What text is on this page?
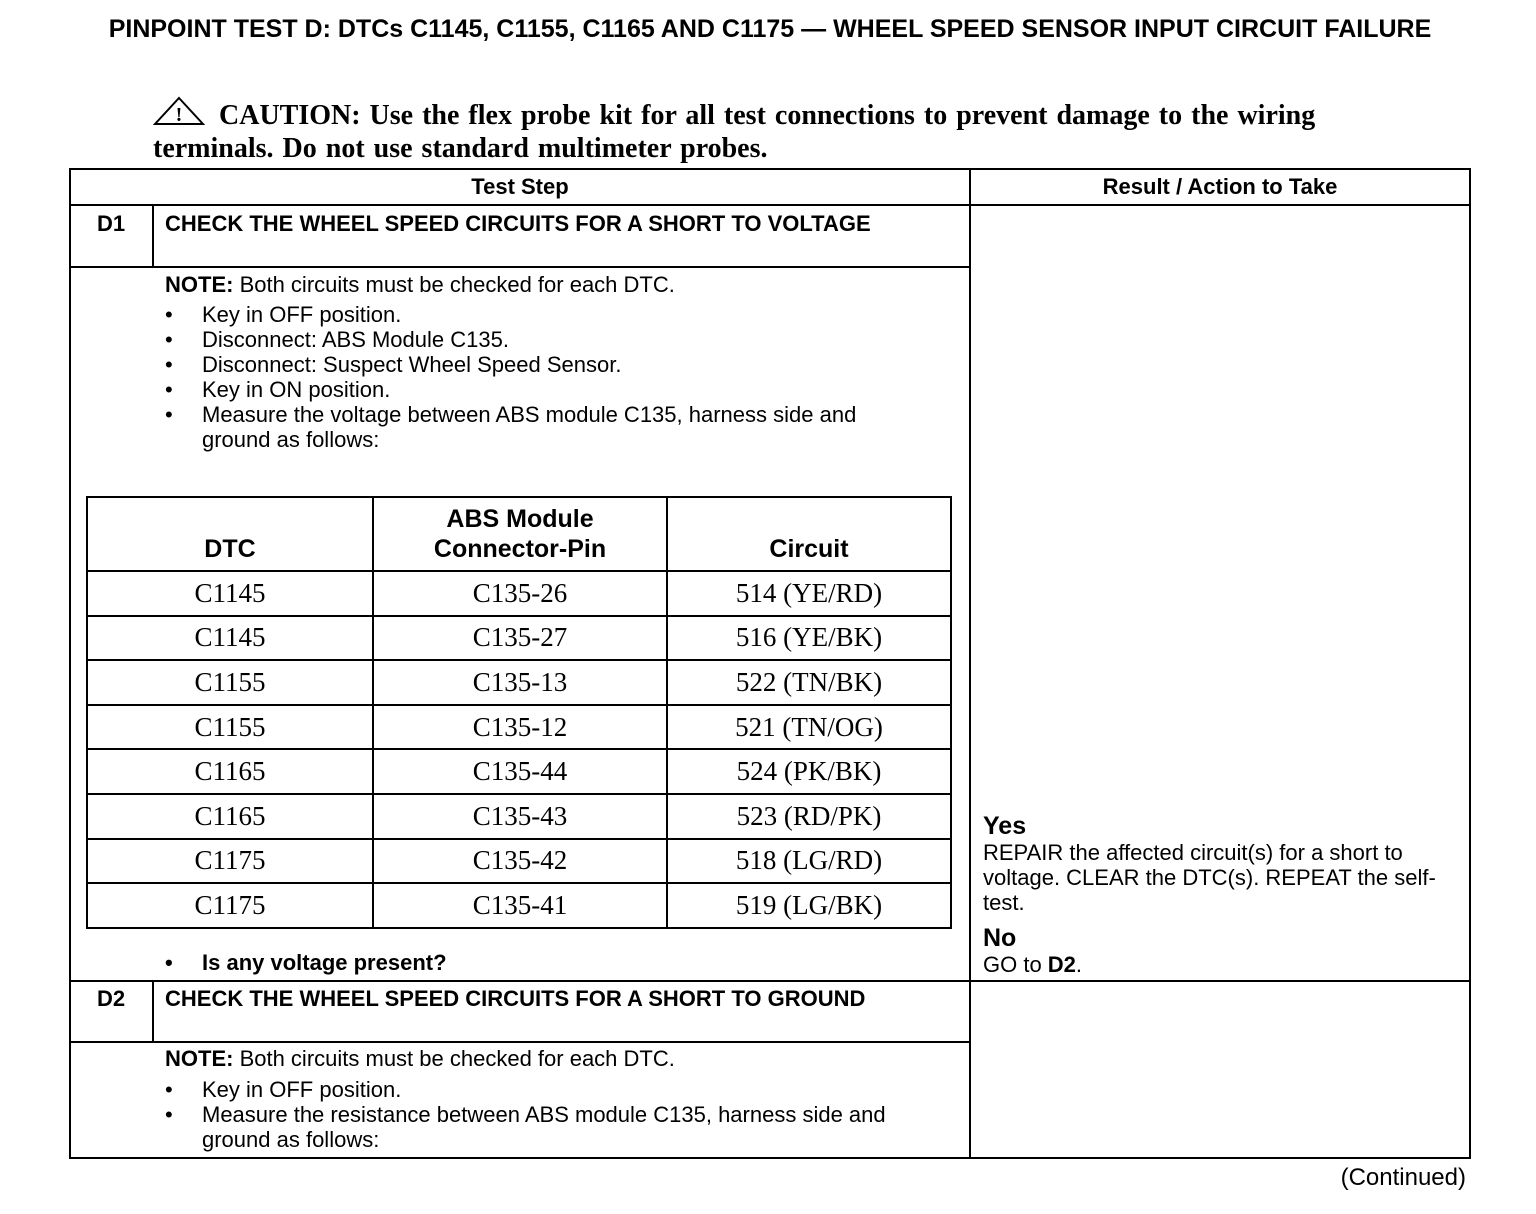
PINPOINT TEST D: DTCs C1145, C1155, C1165 AND C1175 — WHEEL SPEED SENSOR INPUT CIRCUIT FAILURE
! CAUTION: Use the flex probe kit for all test connections to prevent damage to the wiring terminals. Do not use standard multimeter probes.
Test Step	Result / Action to Take
D1	CHECK THE WHEEL SPEED CIRCUITS FOR A SHORT TO VOLTAGE
NOTE: Both circuits must be checked for each DTC.
• Key in OFF position.
• Disconnect: ABS Module C135.
• Disconnect: Suspect Wheel Speed Sensor.
• Key in ON position.
• Measure the voltage between ABS module C135, harness side and ground as follows:
DTC	ABS Module Connector-Pin	Circuit
C1145	C135-26	514 (YE/RD)
C1145	C135-27	516 (YE/BK)
C1155	C135-13	522 (TN/BK)
C1155	C135-12	521 (TN/OG)
C1165	C135-44	524 (PK/BK)
C1165	C135-43	523 (RD/PK)
C1175	C135-42	518 (LG/RD)
C1175	C135-41	519 (LG/BK)
• Is any voltage present?
Yes
REPAIR the affected circuit(s) for a short to voltage. CLEAR the DTC(s). REPEAT the self-test.
No
GO to D2.
D2	CHECK THE WHEEL SPEED CIRCUITS FOR A SHORT TO GROUND
NOTE: Both circuits must be checked for each DTC.
• Key in OFF position.
• Measure the resistance between ABS module C135, harness side and ground as follows:
(Continued)
